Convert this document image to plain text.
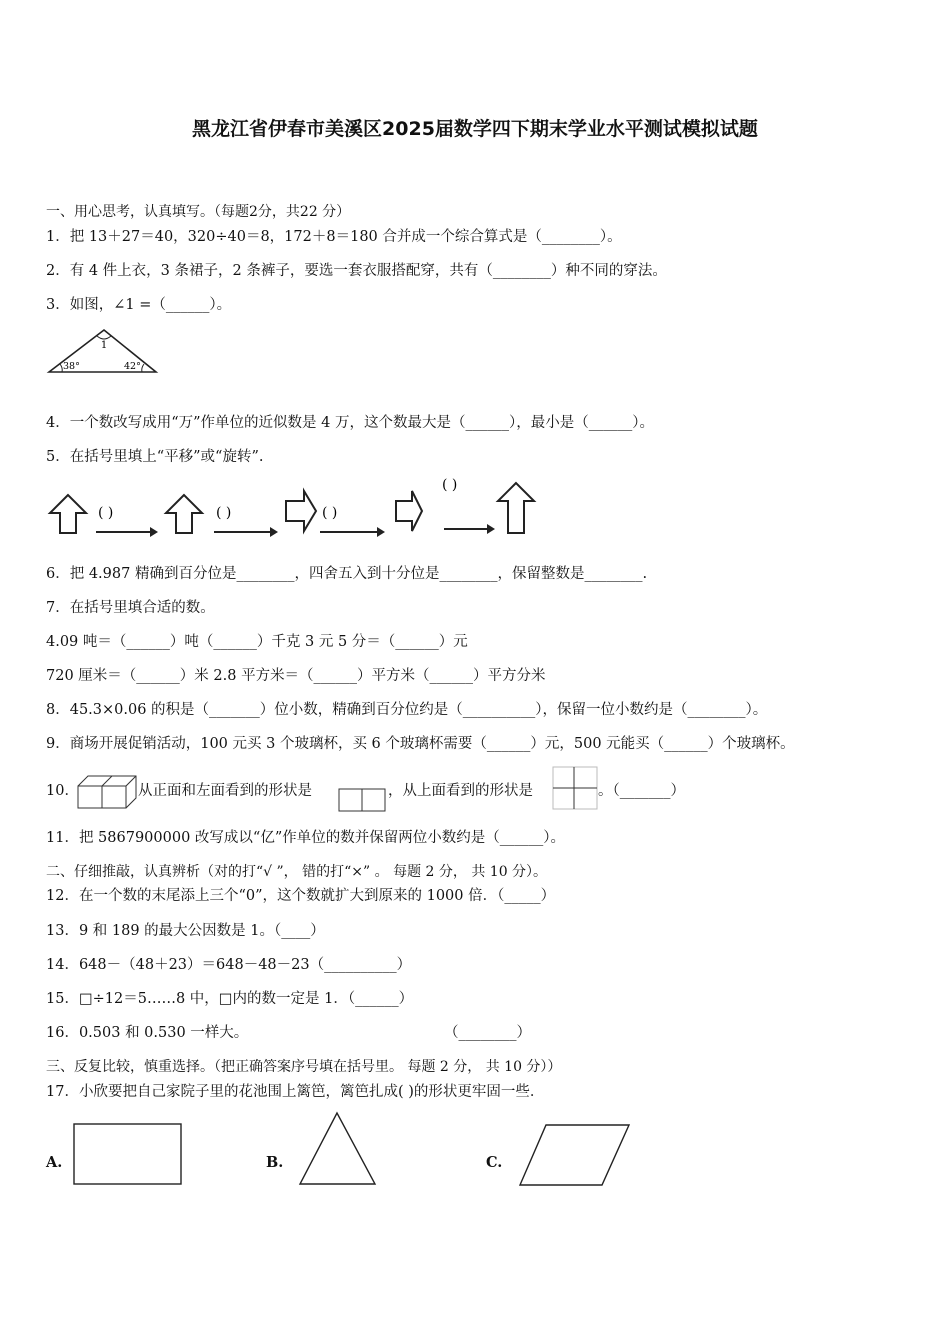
黑龙江省伊春市美溪区2025届数学四下期末学业水平测试模拟试题
一、用心思考，认真填写。（每题2分，共22 分）
1．把 13＋27＝40，320÷40＝8，172＋8＝180 合并成一个综合算式是（________）。
2．有 4 件上衣，3 条裙子，2 条裤子，要选一套衣服搭配穿，共有（________）种不同的穿法。
3．如图，∠1 =（______）。
1
38°	42°
4．一个数改写成用“万”作单位的近似数是 4 万，这个数最大是（______），最小是（______）。
5．在括号里填上“平移”或“旋转”.
( )	( )	( )
( )
6．把 4.987 精确到百分位是________，四舍五入到十分位是________，保留整数是________.
7．在括号里填合适的数。
4.09 吨＝（______）吨（______）千克 3 元 5 分＝（______）元
720 厘米＝（______）米 2.8 平方米＝（______）平方米（______）平方分米
8．45.3×0.06 的积是（_______）位小数，精确到百分位约是（__________），保留一位小数约是（________）。
9．商场开展促销活动，100 元买 3 个玻璃杯，买 6 个玻璃杯需要（______）元，500 元能买（______）个玻璃杯。
10．	从正面和左面看到的形状是	，从上面看到的形状是	。（_______）
11．把 5867900000 改写成以“亿”作单位的数并保留两位小数约是（______）。
二、仔细推敲，认真辨析（对的打“√ ”， 错的打“×” 。 每题 2 分， 共 10 分）。
12．在一个数的末尾添上三个“0”，这个数就扩大到原来的 1000 倍．（_____）
13．9 和 189 的最大公因数是 1。（____）
14．648－（48＋23）＝648－48－23（__________）
15．□÷12＝5……8 中，□内的数一定是 1．（______）
16．0.503 和 0.530 一样大。	（________）
三、反复比较，慎重选择。（把正确答案序号填在括号里。 每题 2 分， 共 10 分））
17．小欣要把自己家院子里的花池围上篱笆，篱笆扎成( )的形状更牢固一些．
A.	B.	C.
